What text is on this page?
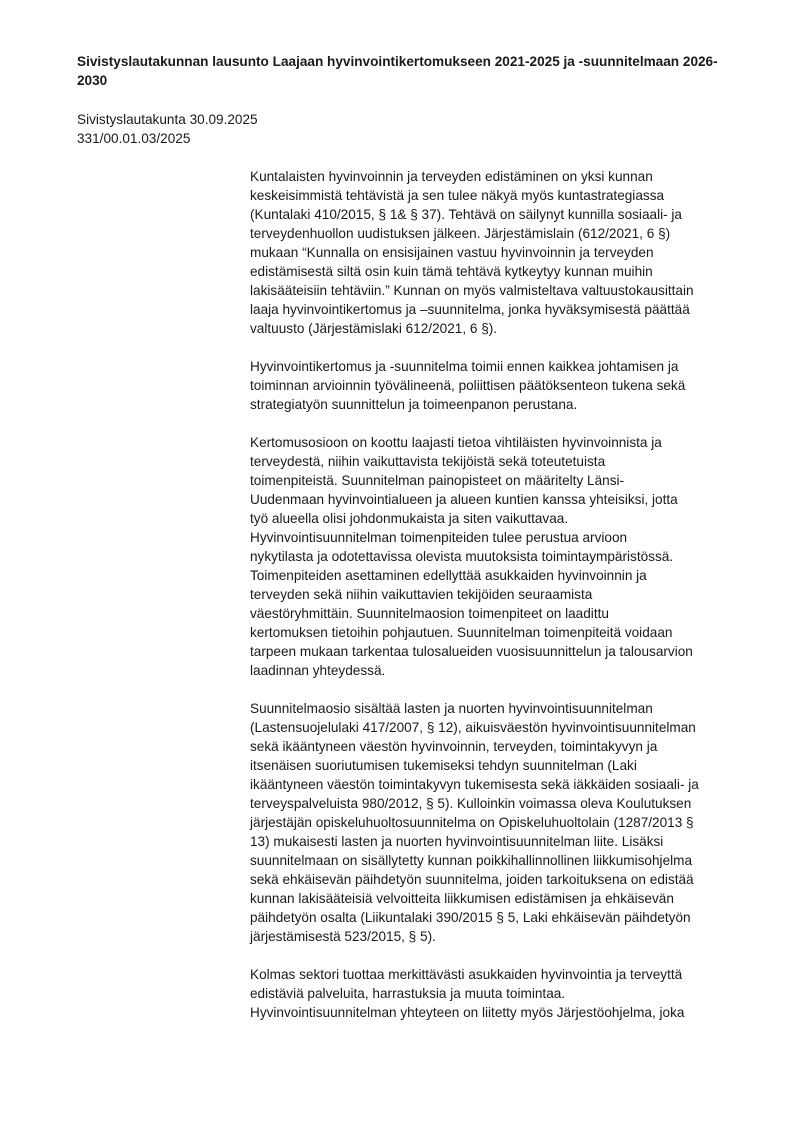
Sivistyslautakunnan lausunto Laajaan hyvinvointikertomukseen 2021-2025 ja -suunnitelmaan 2026-
2030
Sivistyslautakunta 30.09.2025
331/00.01.03/2025

Kuntalaisten hyvinvoinnin ja terveyden edistäminen on yksi kunnan
keskeisimmistä tehtävistä ja sen tulee näkyä myös kuntastrategiassa
(Kuntalaki 410/2015, § 1& § 37). Tehtävä on säilynyt kunnilla sosiaali- ja
terveydenhuollon uudistuksen jälkeen. Järjestämislain (612/2021, 6 §)
mukaan “Kunnalla on ensisijainen vastuu hyvinvoinnin ja terveyden
edistämisestä siltä osin kuin tämä tehtävä kytkeytyy kunnan muihin
lakisääteisiin tehtäviin.” Kunnan on myös valmisteltava valtuustokausittain
laaja hyvinvointikertomus ja –suunnitelma, jonka hyväksymisestä päättää
valtuusto (Järjestämislaki 612/2021, 6 §).

Hyvinvointikertomus ja -suunnitelma toimii ennen kaikkea johtamisen ja
toiminnan arvioinnin työvälineenä, poliittisen päätöksenteon tukena sekä
strategiatyön suunnittelun ja toimeenpanon perustana.

Kertomusosioon on koottu laajasti tietoa vihtiläisten hyvinvoinnista ja
terveydestä, niihin vaikuttavista tekijöistä sekä toteutetuista
toimenpiteistä. Suunnitelman painopisteet on määritelty Länsi-
Uudenmaan hyvinvointialueen ja alueen kuntien kanssa yhteisiksi, jotta
työ alueella olisi johdonmukaista ja siten vaikuttavaa.
Hyvinvointisuunnitelman toimenpiteiden tulee perustua arvioon
nykytilasta ja odotettavissa olevista muutoksista toimintaympäristössä.
Toimenpiteiden asettaminen edellyttää asukkaiden hyvinvoinnin ja
terveyden sekä niihin vaikuttavien tekijöiden seuraamista
väestöryhmittäin. Suunnitelmaosion toimenpiteet on laadittu
kertomuksen tietoihin pohjautuen. Suunnitelman toimenpiteitä voidaan
tarpeen mukaan tarkentaa tulosalueiden vuosisuunnittelun ja talousarvion
laadinnan yhteydessä.

Suunnitelmaosio sisältää lasten ja nuorten hyvinvointisuunnitelman
(Lastensuojelulaki 417/2007, § 12), aikuisväestön hyvinvointisuunnitelman
sekä ikääntyneen väestön hyvinvoinnin, terveyden, toimintakyvyn ja
itsenäisen suoriutumisen tukemiseksi tehdyn suunnitelman (Laki
ikääntyneen väestön toimintakyvyn tukemisesta sekä iäkkäiden sosiaali- ja
terveyspalveluista 980/2012, § 5). Kulloinkin voimassa oleva Koulutuksen
järjestäjän opiskeluhuoltosuunnitelma on Opiskeluhuoltolain (1287/2013 §
13) mukaisesti lasten ja nuorten hyvinvointisuunnitelman liite. Lisäksi
suunnitelmaan on sisällytetty kunnan poikkihallinnollinen liikkumisohjelma
sekä ehkäisevän päihdetyön suunnitelma, joiden tarkoituksena on edistää
kunnan lakisääteisiä velvoitteita liikkumisen edistämisen ja ehkäisevän
päihdetyön osalta (Liikuntalaki 390/2015 § 5, Laki ehkäisevän päihdetyön
järjestämisestä 523/2015, § 5).

Kolmas sektori tuottaa merkittävästi asukkaiden hyvinvointia ja terveyttä
edistäviä palveluita, harrastuksia ja muuta toimintaa.
Hyvinvointisuunnitelman yhteyteen on liitetty myös Järjestöohjelma, joka
